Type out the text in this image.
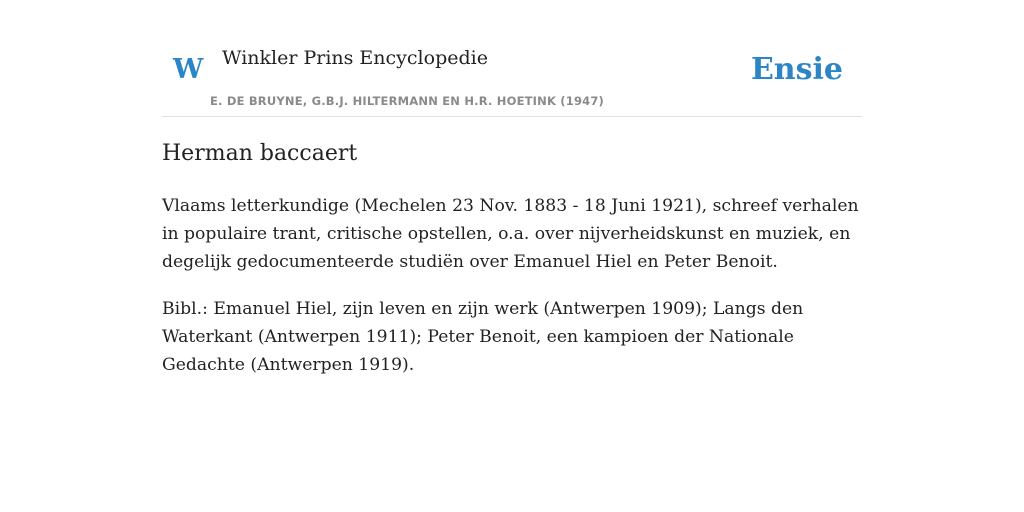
W Winkler Prins Encyclopedie
E. DE BRUYNE, G.B.J. HILTERMANN EN H.R. HOETINK (1947)
Ensie
Herman baccaert

Vlaams letterkundige (Mechelen 23 Nov. 1883 - 18 Juni 1921), schreef verhalen in populaire trant, critische opstellen, o.a. over nijverheidskunst en muziek, en degelijk gedocumenteerde studiën over Emanuel Hiel en Peter Benoit.

Bibl.: Emanuel Hiel, zijn leven en zijn werk (Antwerpen 1909); Langs den Waterkant (Antwerpen 1911); Peter Benoit, een kampioen der Nationale Gedachte (Antwerpen 1919).
